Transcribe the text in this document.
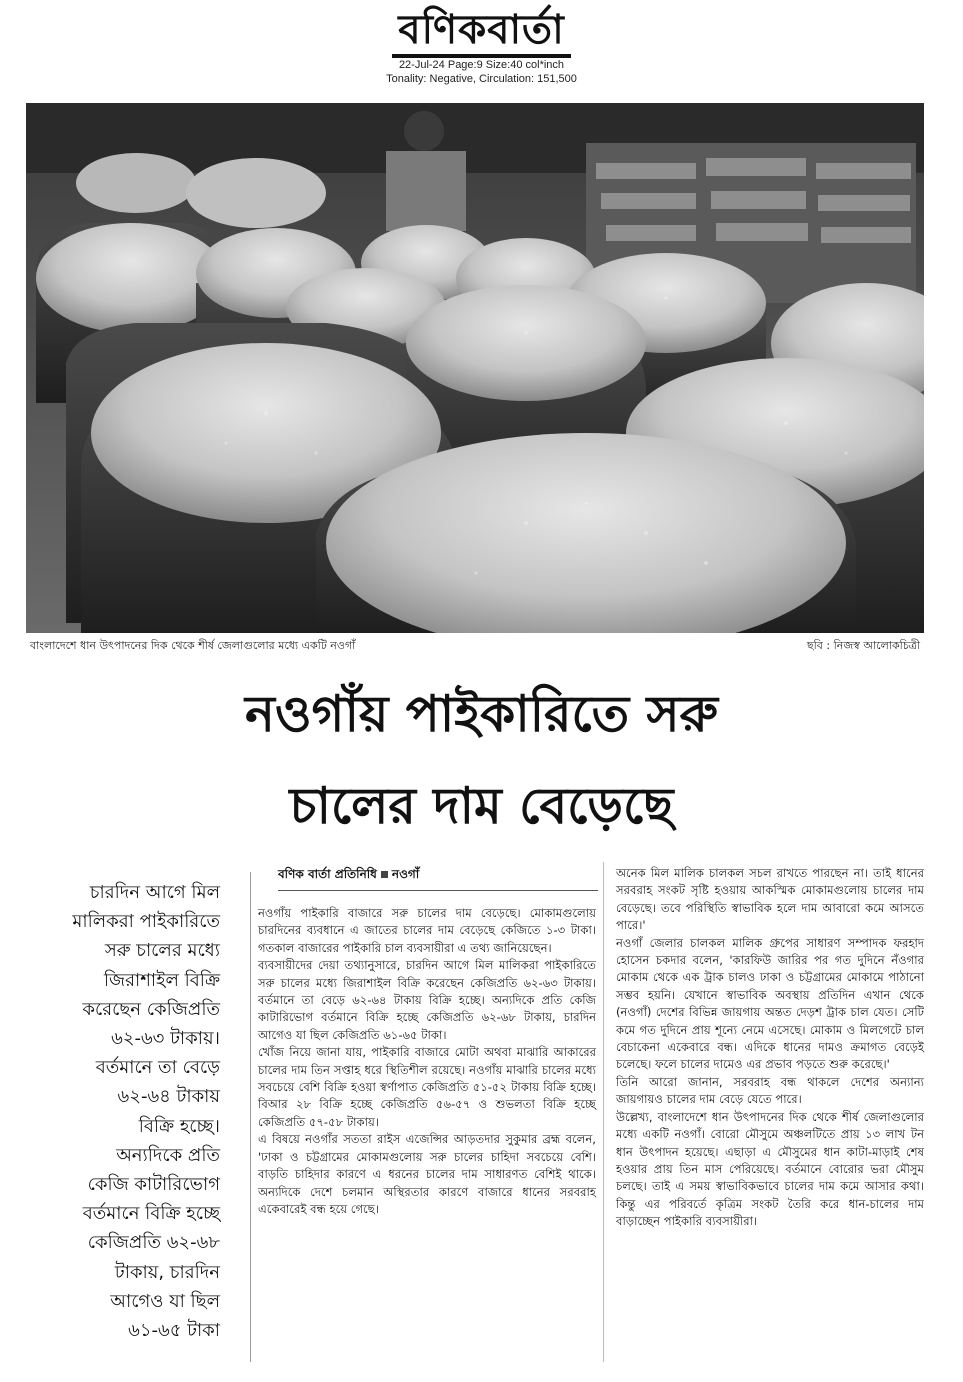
বণিকবার্তা
22-Jul-24 Page:9 Size:40 col*inch
Tonality: Negative, Circulation: 151,500
বাংলাদেশে ধান উৎপাদনের দিক থেকে শীর্ষ জেলাগুলোর মধ্যে একটি নওগাঁ	ছবি : নিজস্ব আলোকচিত্রী
নওগাঁয় পাইকারিতে সরু
চালের দাম বেড়েছে
চারদিন আগে মিল
মালিকরা পাইকারিতে
সরু চালের মধ্যে
জিরাশাইল বিক্রি
করেছেন কেজিপ্রতি
৬২-৬৩ টাকায়।
বর্তমানে তা বেড়ে
৬২-৬৪ টাকায়
বিক্রি হচ্ছে।
অন্যদিকে প্রতি
কেজি কাটারিভোগ
বর্তমানে বিক্রি হচ্ছে
কেজিপ্রতি ৬২-৬৮
টাকায়, চারদিন
আগেও যা ছিল
৬১-৬৫ টাকা
বণিক বার্তা প্রতিনিধি নওগাঁ

নওগাঁয় পাইকারি বাজারে সরু চালের দাম বেড়েছে। মোকামগুলোয় চারদিনের ব্যবধানে এ জাতের চালের দাম বেড়েছে কেজিতে ১-৩ টাকা। গতকাল বাজারের পাইকারি চাল ব্যবসায়ীরা এ তথ্য জানিয়েছেন।

ব্যবসায়ীদের দেয়া তথ্যানুসারে, চারদিন আগে মিল মালিকরা পাইকারিতে সরু চালের মধ্যে জিরাশাইল বিক্রি করেছেন কেজিপ্রতি ৬২-৬৩ টাকায়। বর্তমানে তা বেড়ে ৬২-৬৪ টাকায় বিক্রি হচ্ছে। অন্যদিকে প্রতি কেজি কাটারিভোগ বর্তমানে বিক্রি হচ্ছে কেজিপ্রতি ৬২-৬৮ টাকায়, চারদিন আগেও যা ছিল কেজিপ্রতি ৬১-৬৫ টাকা।

খোঁজ নিয়ে জানা যায়, পাইকারি বাজারে মোটা অথবা মাঝারি আকারের চালের দাম তিন সপ্তাহ ধরে স্থিতিশীল রয়েছে। নওগাঁয় মাঝারি চালের মধ্যে সবচেয়ে বেশি বিক্রি হওয়া স্বর্ণাপাত কেজিপ্রতি ৫১-৫২ টাকায় বিক্রি হচ্ছে। বিআর ২৮ বিক্রি হচ্ছে কেজিপ্রতি ৫৬-৫৭ ও শুভলতা বিক্রি হচ্ছে কেজিপ্রতি ৫৭-৫৮ টাকায়।

এ বিষয়ে নওগাঁর সততা রাইস এজেন্সির আড়তদার সুকুমার ব্রহ্ম বলেন, 'ঢাকা ও চট্টগ্রামের মোকামগুলোয় সরু চালের চাহিদা সবচেয়ে বেশি। বাড়তি চাহিদার কারণে এ ধরনের চালের দাম সাধারণত বেশিই থাকে। অন্যদিকে দেশে চলমান অস্থিরতার কারণে বাজারে ধানের সরবরাহ একেবারেই বন্ধ হয়ে গেছে।

অনেক মিল মালিক চালকল সচল রাখতে পারছেন না। তাই ধানের সরবরাহ সংকট সৃষ্টি হওয়ায় আকস্মিক মোকামগুলোয় চালের দাম বেড়েছে। তবে পরিস্থিতি স্বাভাবিক হলে দাম আবারো কমে আসতে পারে।'

নওগাঁ জেলার চালকল মালিক গ্রুপের সাধারণ সম্পাদক ফরহাদ হোসেন চকদার বলেন, 'কারফিউ জারির পর গত দুদিনে নঁওগার মোকাম থেকে এক ট্রাক চালও ঢাকা ও চট্টগ্রামের মোকামে পাঠানো সম্ভব হয়নি। যেখানে স্বাভাবিক অবস্থায় প্রতিদিন এখান থেকে (নওগাঁ) দেশের বিভিন্ন জায়গায় অন্তত দেড়শ ট্রাক চাল যেত। সেটি কমে গত দুদিনে প্রায় শূন্যে নেমে এসেছে। মোকাম ও মিলগেটে চাল বেচাকেনা একেবারে বন্ধ। এদিকে ধানের দামও ক্রমাগত বেড়েই চলেছে। ফলে চালের দামেও এর প্রভাব পড়তে শুরু করেছে।'

তিনি আরো জানান, সরবরাহ বন্ধ থাকলে দেশের অন্যান্য জায়গায়ও চালের দাম বেড়ে যেতে পারে।

উল্লেখ্য, বাংলাদেশে ধান উৎপাদনের দিক থেকে শীর্ষ জেলাগুলোর মধ্যে একটি নওগাঁ। বোরো মৌসুমে অঞ্চলটিতে প্রায় ১৩ লাখ টন ধান উৎপাদন হয়েছে। এছাড়া এ মৌসুমের ধান কাটা-মাড়াই শেষ হওয়ার প্রায় তিন মাস পেরিয়েছে। বর্তমানে বোরোর ভরা মৌসুম চলছে। তাই এ সময় স্বাভাবিকভাবে চালের দাম কমে আসার কথা। কিন্তু এর পরিবর্তে কৃত্রিম সংকট তৈরি করে ধান-চালের দাম বাড়াচ্ছেন পাইকারি ব্যবসায়ীরা।
